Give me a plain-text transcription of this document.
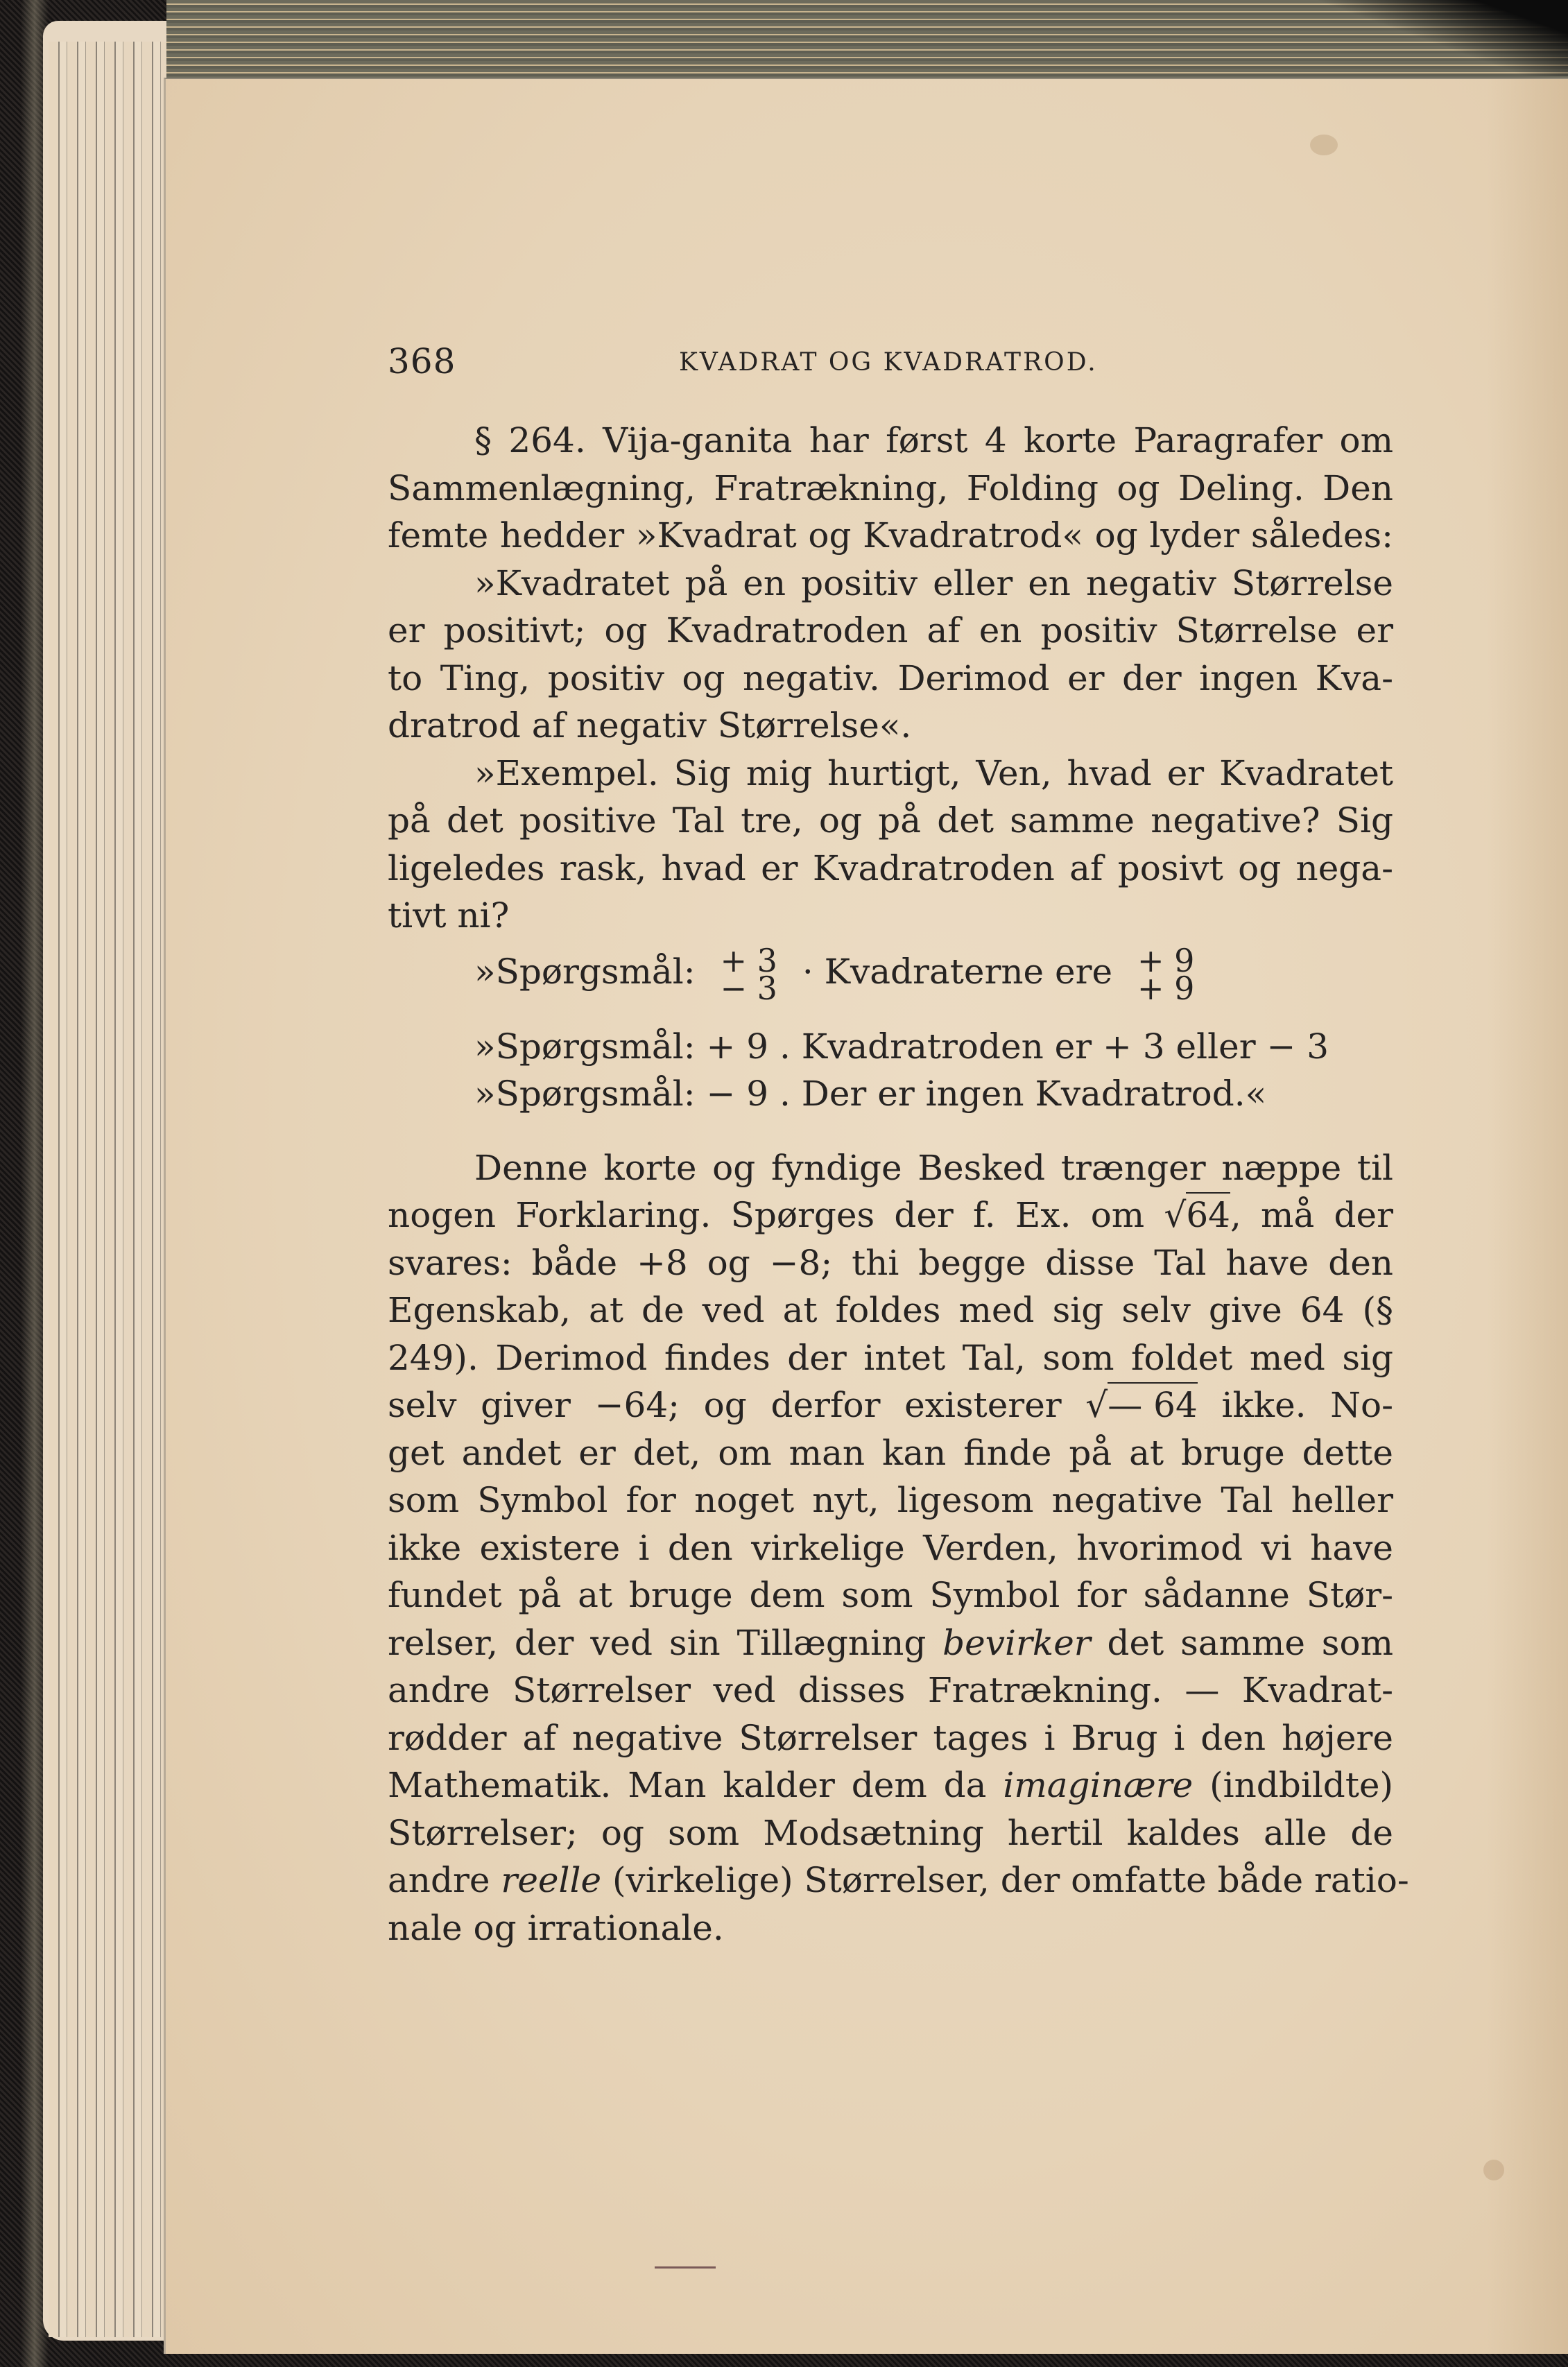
368	KVADRAT OG KVADRATROD.

§ 264. Vija-ganita har først 4 korte Paragrafer om
Sammenlægning, Fratrækning, Folding og Deling. Den
femte hedder »Kvadrat og Kvadratrod« og lyder således:

»Kvadratet på en positiv eller en negativ Størrelse
er positivt; og Kvadratroden af en positiv Størrelse er
to Ting, positiv og negativ. Derimod er der ingen Kva-
dratrod af negativ Størrelse«.

»Exempel. Sig mig hurtigt, Ven, hvad er Kvadratet
på det positive Tal tre, og på det samme negative? Sig
ligeledes rask, hvad er Kvadratroden af posivt og nega-
tivt ni?

»Spørgsmål: + 3
− 3 · Kvadraterne ere + 9
+ 9
»Spørgsmål: + 9 . Kvadratroden er + 3 eller − 3
»Spørgsmål: − 9 . Der er ingen Kvadratrod.«

Denne korte og fyndige Besked trænger næppe til
nogen Forklaring. Spørges der f. Ex. om √64, må der
svares: både +8 og −8; thi begge disse Tal have den
Egenskab, at de ved at foldes med sig selv give 64 (§
249). Derimod findes der intet Tal, som foldet med sig
selv giver −64; og derfor existerer √— 64 ikke. No-
get andet er det, om man kan finde på at bruge dette
som Symbol for noget nyt, ligesom negative Tal heller
ikke existere i den virkelige Verden, hvorimod vi have
fundet på at bruge dem som Symbol for sådanne Stør-
relser, der ved sin Tillægning bevirker det samme som
andre Størrelser ved disses Fratrækning. — Kvadrat-
rødder af negative Størrelser tages i Brug i den højere
Mathematik. Man kalder dem da imaginære (indbildte)
Størrelser; og som Modsætning hertil kaldes alle de
andre reelle (virkelige) Størrelser, der omfatte både ratio-
nale og irrationale.
